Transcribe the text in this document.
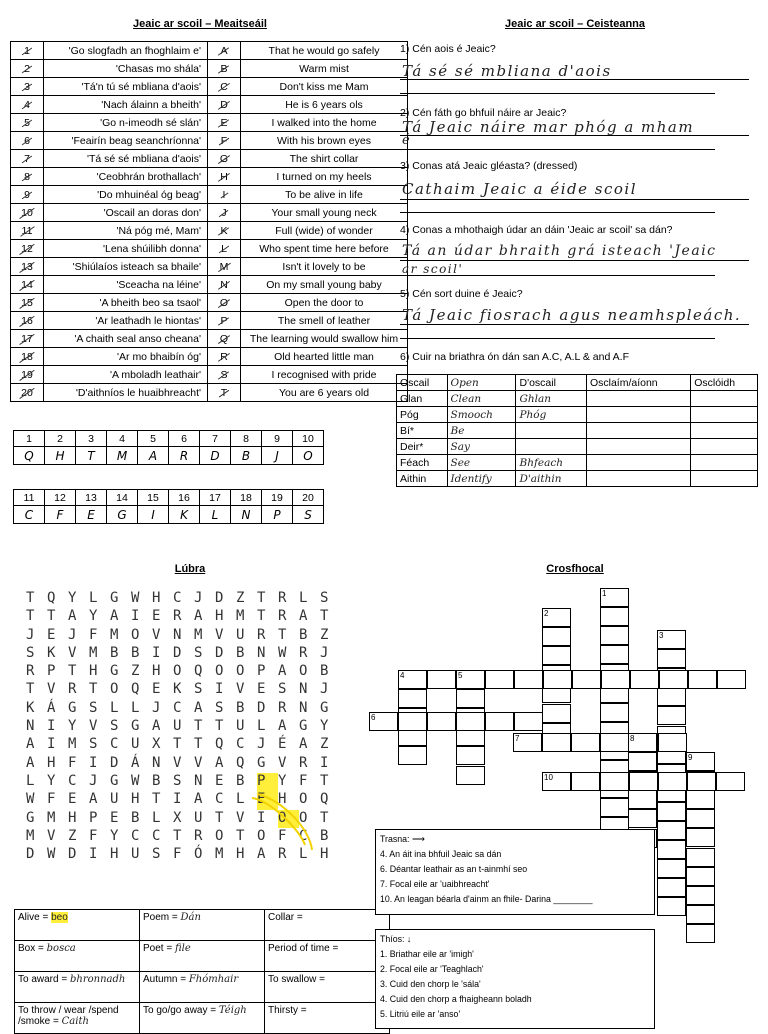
Jeaic ar scoil – Meaitseáil
1	'Go slogfadh an fhoghlaim e'	A	That he would go safely
2	'Chasas mo shála'	B	Warm mist
3	'Tá'n tú sé mbliana d'aois'	C	Don't kiss me Mam
4	'Nach álainn a bheith'	D	He is 6 years ols
5	'Go n-imeodh sé slán'	E	I walked into the home
6	'Feairín beag seanchríonna'	F	With his brown eyes
7	'Tá sé sé mbliana d'aois'	G	The shirt collar
8	'Ceobhrán brothallach'	H	I turned on my heels
9	'Do mhuinéal óg beag'	I	To be alive in life
10	'Oscail an doras don'	J	Your small young neck
11	'Ná póg mé, Mam'	K	Full (wide) of wonder
12	'Lena shúilibh donna'	L	Who spent time here before
13	'Shiúlaíos isteach sa bhaile'	M	Isn't it lovely to be
14	'Sceacha na léine'	N	On my small young baby
15	'A bheith beo sa tsaol'	O	Open the door to
16	'Ar leathadh le hiontas'	P	The smell of leather
17	'A chaith seal anso cheana'	Q	The learning would swallow him
18	'Ar mo bhaibín óg'	R	Old hearted little man
19	'A mboladh leathair'	S	I recognised with pride
20	'D'aithníos le huaibhreacht'	T	You are 6 years old
1	2	3	4	5	6	7	8	9	10
Q	H	T	M	A	R	D	B	J	O
11	12	13	14	15	16	17	18	19	20
C	F	E	G	I	K	L	N	P	S
Jeaic ar scoil – Ceisteanna
1) Cén aois é Jeaic?
Tá sé sé mbliana d'aois
2) Cén fáth go bhfuil náire ar Jeaic?
Tá Jeaic náire mar phóg a mham
é
3) Conas atá Jeaic gléasta? (dressed)
Cathaim Jeaic a éide scoil
4) Conas a mhothaigh údar an dáin 'Jeaic ar scoil' sa dán?
Tá an údar bhraith grá isteach 'Jeaic
ar scoil'
5) Cén sort duine é Jeaic?
Tá Jeaic fiosrach agus neamhspleách.
6) Cuir na briathra ón dán san A.C, A.L & and A.F
Oscail	Open	D'oscail	Osclaím/aíonn	Osclóidh
Glan	Clean	Ghlan		
Póg	Smooch	Phóg		
Bí*	Be			
Deir*	Say			
Féach	See	Bhfeach		
Aithin	Identify	D'aithin		
Lúbra
T Q Y L G W H C J D Z T R L S
T T A Y A I E R A H M T R A T
J E J F M O V N M V U R T B Z
S K V M B B I D S D B N W R J
R P T H G Z H O Q O O P A O B
T V R T O Q E K S I V E S N J
K Á G S L L J C A S B D R N G
N I Y V S G A U T T U L A G Y
A I M S C U X T T Q C J É A Z
A H F I D Á N V V A Q G V R I
L Y C J G W B S N E B P Y F T
W F E A U H T I A C L E H O Q
G M H P E B L X U T V I O O T
M V Z F Y C C T R O T O F C B
D W D I H U S F Ó M H A R L H
Alive = beo	Poem = Dán	Collar =
Box = bosca	Poet = file	Period of time =
To award = bhronnadh	Autumn = Fhómhair	To swallow =
To throw / wear /spend /smoke = Caith	To go/go away = Téigh	Thirsty =
Crosfhocal
1
2
3
4	5
6
7	8
9
10
Trasna: ⟶
4. An áit ina bhfuil Jeaic sa dán
6. Déantar leathair as an t-ainmhí seo
7. Focal eile ar 'uaibhreacht'
10. An leagan béarla d'ainm an fhile- Darina ________
Thíos: ↓
1. Briathar eile ar 'imigh'
2. Focal eile ar 'Teaghlach'
3. Cuid den chorp le 'sála'
4. Cuid den chorp a fhaigheann boladh
5. Litriú eile ar 'anso'
